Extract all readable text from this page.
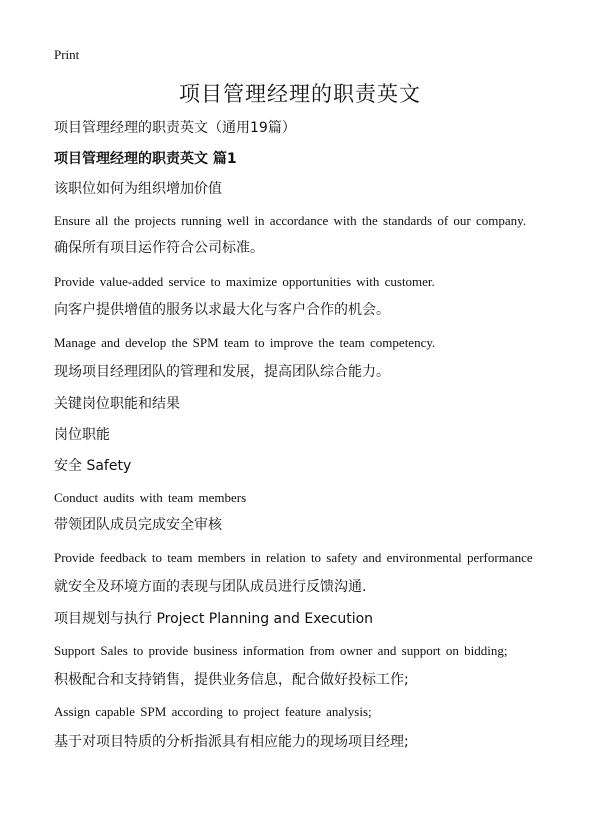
Print
项目管理经理的职责英文
项目管理经理的职责英文（通用19篇）
项目管理经理的职责英文 篇1
该职位如何为组织增加价值
Ensure all the projects running well in accordance with the standards of our company.
确保所有项目运作符合公司标准。
Provide value-added service to maximize opportunities with customer.
向客户提供增值的服务以求最大化与客户合作的机会。
Manage and develop the SPM team to improve the team competency.
现场项目经理团队的管理和发展，提高团队综合能力。
关键岗位职能和结果
岗位职能
安全 Safety
Conduct audits with team members
带领团队成员完成安全审核
Provide feedback to team members in relation to safety and environmental performance
就安全及环境方面的表现与团队成员进行反馈沟通.
项目规划与执行 Project Planning and Execution
Support Sales to provide business information from owner and support on bidding;
积极配合和支持销售，提供业务信息，配合做好投标工作;
Assign capable SPM according to project feature analysis;
基于对项目特质的分析指派具有相应能力的现场项目经理;
